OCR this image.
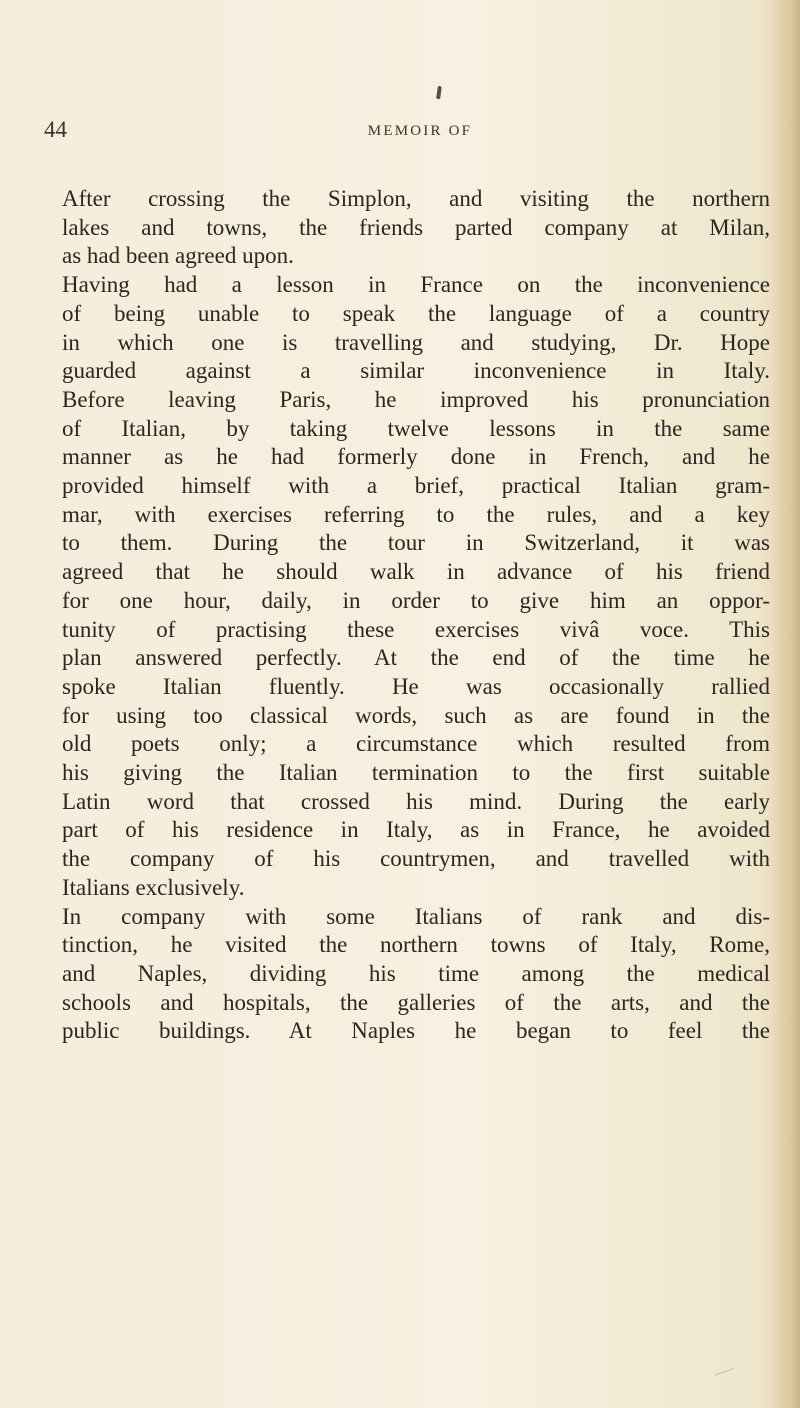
44	MEMOIR OF
After crossing the Simplon, and visiting the northern
lakes and towns, the friends parted company at Milan,
as had been agreed upon.
Having had a lesson in France on the inconvenience
of being unable to speak the language of a country
in which one is travelling and studying, Dr. Hope
guarded against a similar inconvenience in Italy.
Before leaving Paris, he improved his pronunciation
of Italian, by taking twelve lessons in the same
manner as he had formerly done in French, and he
provided himself with a brief, practical Italian gram-
mar, with exercises referring to the rules, and a key
to them. During the tour in Switzerland, it was
agreed that he should walk in advance of his friend
for one hour, daily, in order to give him an oppor-
tunity of practising these exercises vivâ voce. This
plan answered perfectly. At the end of the time he
spoke Italian fluently. He was occasionally rallied
for using too classical words, such as are found in the
old poets only; a circumstance which resulted from
his giving the Italian termination to the first suitable
Latin word that crossed his mind. During the early
part of his residence in Italy, as in France, he avoided
the company of his countrymen, and travelled with
Italians exclusively.
In company with some Italians of rank and dis-
tinction, he visited the northern towns of Italy, Rome,
and Naples, dividing his time among the medical
schools and hospitals, the galleries of the arts, and the
public buildings. At Naples he began to feel the
